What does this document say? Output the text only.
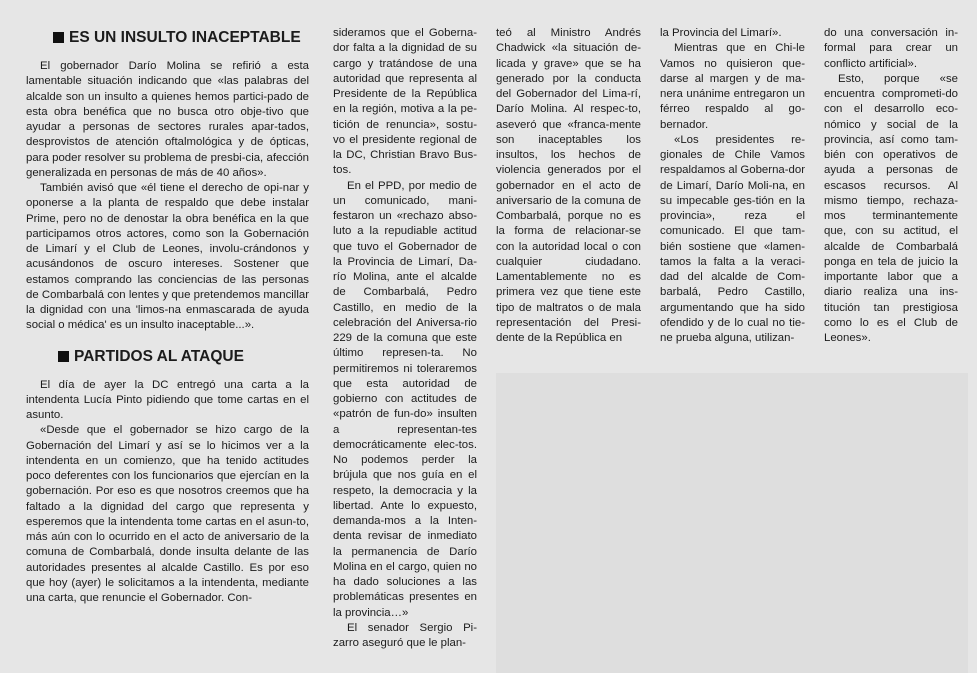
ES UN INSULTO INACEPTABLE

El gobernador Darío Molina se refirió a esta lamentable situación indicando que «las palabras del alcalde son un insulto a quienes hemos partici-pado de esta obra benéfica que no busca otro obje-tivo que ayudar a personas de sectores rurales apar-tados, desprovistos de atención oftalmológica y de ópticas, para poder resolver su problema de presbi-cia, afección generalizada en personas de más de 40 años».

También avisó que «él tiene el derecho de opi-nar y oponerse a la planta de respaldo que debe instalar Prime, pero no de denostar la obra benéfica en la que participamos otros actores, como son la Gobernación de Limarí y el Club de Leones, involu-crándonos y acusándonos de oscuro intereses. Sostener que estamos comprando las conciencias de las personas de Combarbalá con lentes y que pretendemos mancillar la dignidad con una 'limos-na enmascarada de ayuda social o médica' es un insulto inaceptable...».

PARTIDOS AL ATAQUE

El día de ayer la DC entregó una carta a la intendenta Lucía Pinto pidiendo que tome cartas en el asunto.

«Desde que el gobernador se hizo cargo de la Gobernación del Limarí y así se lo hicimos ver a la intendenta en un comienzo, que ha tenido actitudes poco deferentes con los funcionarios que ejercían en la gobernación. Por eso es que nosotros creemos que ha faltado a la dignidad del cargo que representa y esperemos que la intendenta tome cartas en el asun-to, más aún con lo ocurrido en el acto de aniversario de la comuna de Combarbalá, donde insulta delante de las autoridades presentes al alcalde Castillo. Es por eso que hoy (ayer) le solicitamos a la intendenta, mediante una carta, que renuncie el Gobernador. Con-

sideramos que el Goberna-dor falta a la dignidad de su cargo y tratándose de una autoridad que representa al Presidente de la República en la región, motiva a la pe-tición de renuncia», sostu-vo el presidente regional de la DC, Christian Bravo Bus-tos.

En el PPD, por medio de un comunicado, mani-festaron un «rechazo abso-luto a la repudiable actitud que tuvo el Gobernador de la Provincia de Limarí, Da-río Molina, ante el alcalde de Combarbalá, Pedro Castillo, en medio de la celebración del Aniversa-rio 229 de la comuna que este último represen-ta. No permitiremos ni toleraremos que esta autoridad de gobierno con actitudes de «patrón de fun-do» insulten a representan-tes democráticamente elec-tos. No podemos perder la brújula que nos guía en el respeto, la democracia y la libertad. Ante lo expuesto, demanda-mos a la Inten-denta revisar de inmediato la permanencia de Darío Molina en el cargo, quien no ha dado soluciones a las problemáticas presentes en la provincia…»

El senador Sergio Pi-zarro aseguró que le plan-

teó al Ministro Andrés Chadwick «la situación de-licada y grave» que se ha generado por la conducta del Gobernador del Lima-rí, Darío Molina. Al respec-to, aseveró que «franca-mente son inaceptables los insultos, los hechos de violencia generados por el gobernador en el acto de aniversario de la comuna de Combarbalá, porque no es la forma de relacionar-se con la autoridad local o con cualquier ciudadano. Lamentablemente no es primera vez que tiene este tipo de maltratos o de mala representación del Presi-dente de la República en

la Provincia del Limarí».

Mientras que en Chi-le Vamos no quisieron que-darse al margen y de ma-nera unánime entregaron un férreo respaldo al go-bernador.

«Los presidentes re-gionales de Chile Vamos respaldamos al Goberna-dor de Limarí, Darío Moli-na, en su impecable ges-tión en la provincia», reza el comunicado. El que tam-bién sostiene que «lamen-tamos la falta a la veraci-dad del alcalde de Com-barbalá, Pedro Castillo, argumentando que ha sido ofendido y de lo cual no tie-ne prueba alguna, utilizan-

do una conversación in-formal para crear un conflicto artificial».

Esto, porque «se encuentra comprometi-do con el desarrollo eco-nómico y social de la provincia, así como tam-bién con operativos de ayuda a personas de escasos recursos. Al mismo tiempo, rechaza-mos terminantemente que, con su actitud, el alcalde de Combarbalá ponga en tela de juicio la importante labor que a diario realiza una ins-titución tan prestigiosa como lo es el Club de Leones».
